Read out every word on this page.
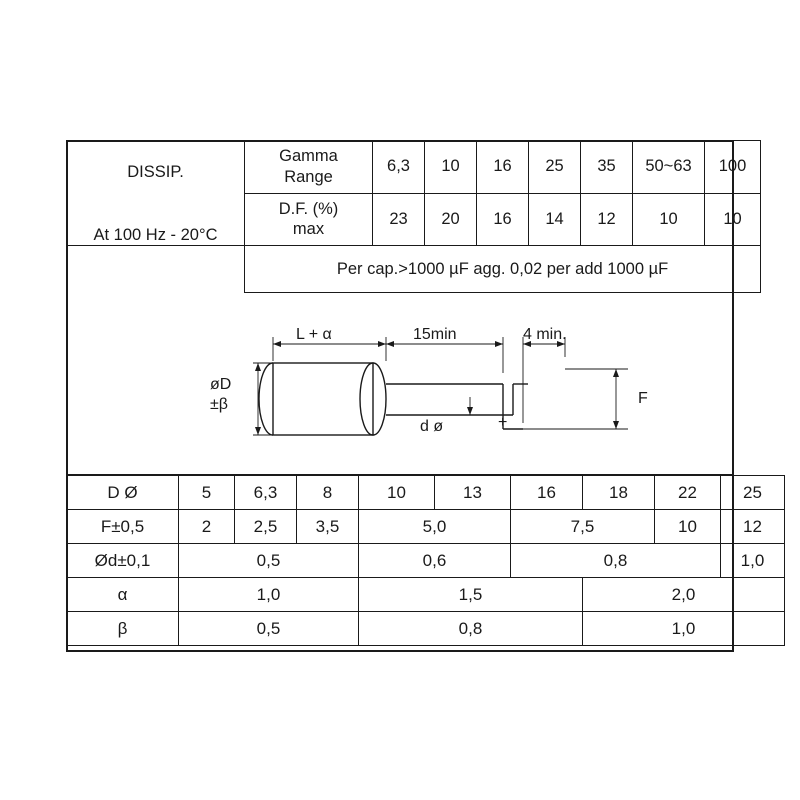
DISSIP.
At 100 Hz - 20°C
	Gamma
Range	6,3	10	16	25	35	50~63	100
	D.F. (%)
max	23	20	16	14	12	10	10
	Per cap.>1000 µF agg. 0,02 per add 1000 µF							
L + α	15min	4 min.
øD
±β
d ø
F
+
D Ø	5	6,3	8	10	13	16	18	22	25
F±0,5	2	2,5	3,5	5,0		7,5		10	12
Ød±0,1	0,5			0,6		0,8			1,0
α	1,0			1,5			2,0		
β	0,5			0,8			1,0		
